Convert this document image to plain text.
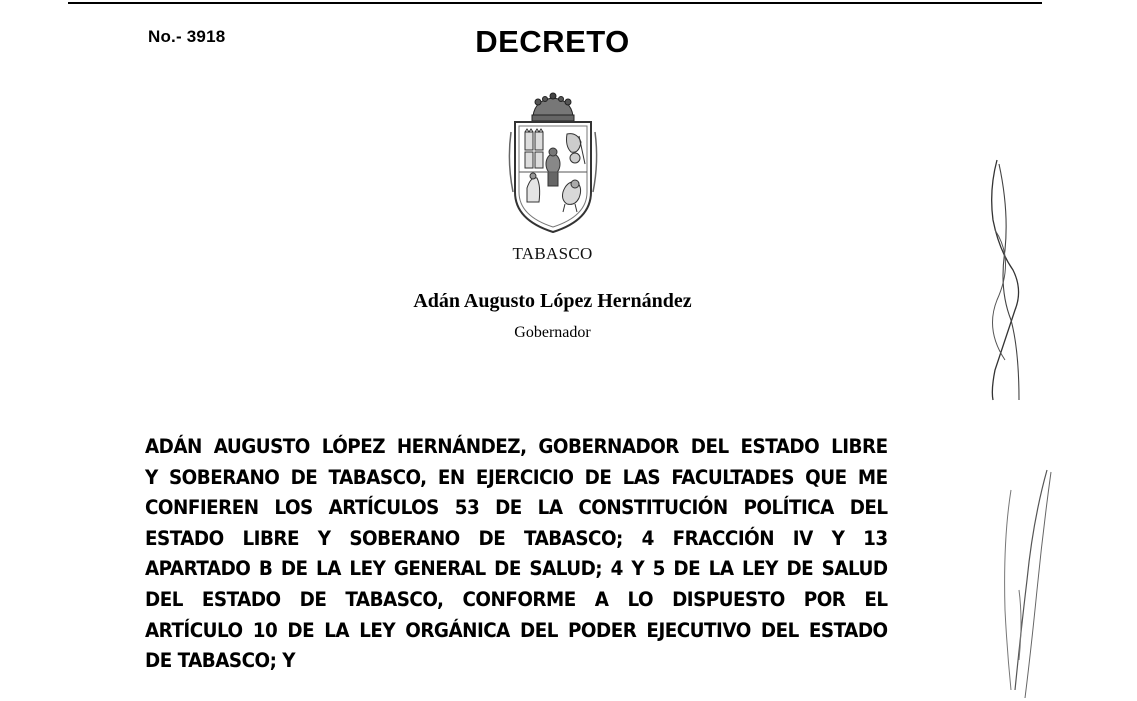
No.- 3918	DECRETO
TABASCO
Adán Augusto López Hernández
Gobernador
ADÁN AUGUSTO LÓPEZ HERNÁNDEZ, GOBERNADOR DEL ESTADO LIBRE
Y SOBERANO DE TABASCO, EN EJERCICIO DE LAS FACULTADES QUE ME
CONFIEREN LOS ARTÍCULOS 53 DE LA CONSTITUCIÓN POLÍTICA DEL
ESTADO LIBRE Y SOBERANO DE TABASCO; 4 FRACCIÓN IV Y 13
APARTADO B DE LA LEY GENERAL DE SALUD; 4 Y 5 DE LA LEY DE SALUD
DEL ESTADO DE TABASCO, CONFORME A LO DISPUESTO POR EL
ARTÍCULO 10 DE LA LEY ORGÁNICA DEL PODER EJECUTIVO DEL ESTADO
DE TABASCO; Y
